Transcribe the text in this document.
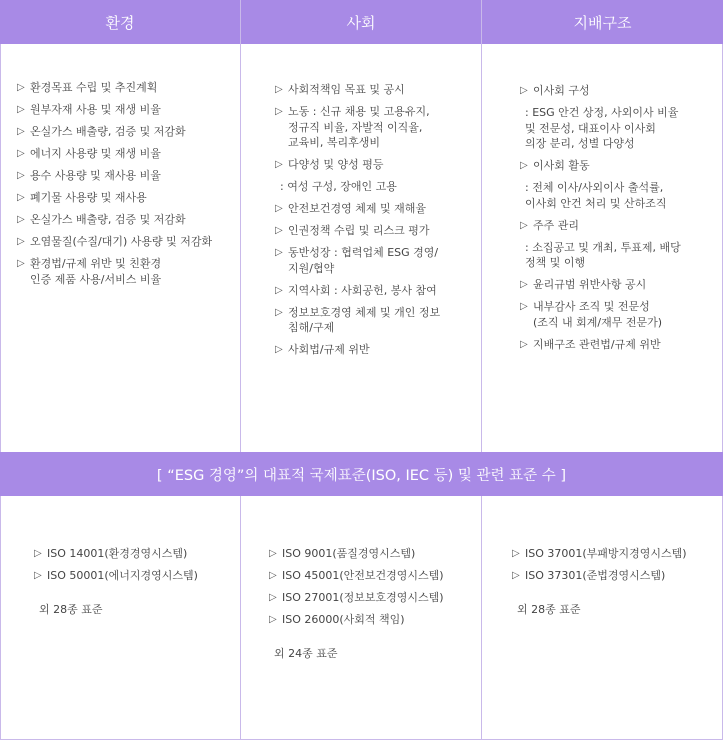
환경	사회	지배구조
▷ 환경목표 수립 및 추진계획
▷ 원부자재 사용 및 재생 비율
▷ 온실가스 배출량, 검증 및 저감화
▷ 에너지 사용량 및 재생 비율
▷ 용수 사용량 및 재사용 비율
▷ 폐기물 사용량 및 재사용
▷ 온실가스 배출량, 검증 및 저감화
▷ 오염물질(수질/대기) 사용량 및 저감화
▷ 환경법/규제 위반 및 친환경
인증 제품 사용/서비스 비율
▷ 사회적책임 목표 및 공시
▷ 노동 : 신규 채용 및 고용유지,
정규직 비율, 자발적 이직율,
교육비, 복리후생비
▷ 다양성 및 양성 평등
: 여성 구성, 장애인 고용
▷ 안전보건경영 체제 및 재해율
▷ 인권정책 수립 및 리스크 평가
▷ 동반성장 : 협력업체 ESG 경영/
지원/협약
▷ 지역사회 : 사회공헌, 봉사 참여
▷ 정보보호경영 체제 및 개인 정보
침해/구제
▷ 사회법/규제 위반
▷ 이사회 구성
: ESG 안건 상정, 사외이사 비율
및 전문성, 대표이사 이사회
의장 분리, 성별 다양성
▷ 이사회 활동
: 전체 이사/사외이사 출석률,
이사회 안건 처리 및 산하조직
▷ 주주 관리
: 소집공고 및 개최, 투표제, 배당
정책 및 이행
▷ 윤리규범 위반사항 공시
▷ 내부감사 조직 및 전문성
(조직 내 회계/재무 전문가)
▷ 지배구조 관련법/규제 위반
[ “ESG 경영”의 대표적 국제표준(ISO, IEC 등) 및 관련 표준 수 ]
▷ ISO 14001(환경경영시스템)
▷ ISO 50001(에너지경영시스템)
외 28종 표준
▷ ISO 9001(품질경영시스템)
▷ ISO 45001(안전보건경영시스템)
▷ ISO 27001(정보보호경영시스템)
▷ ISO 26000(사회적 책임)
외 24종 표준
▷ ISO 37001(부패방지경영시스템)
▷ ISO 37301(준법경영시스템)
외 28종 표준
